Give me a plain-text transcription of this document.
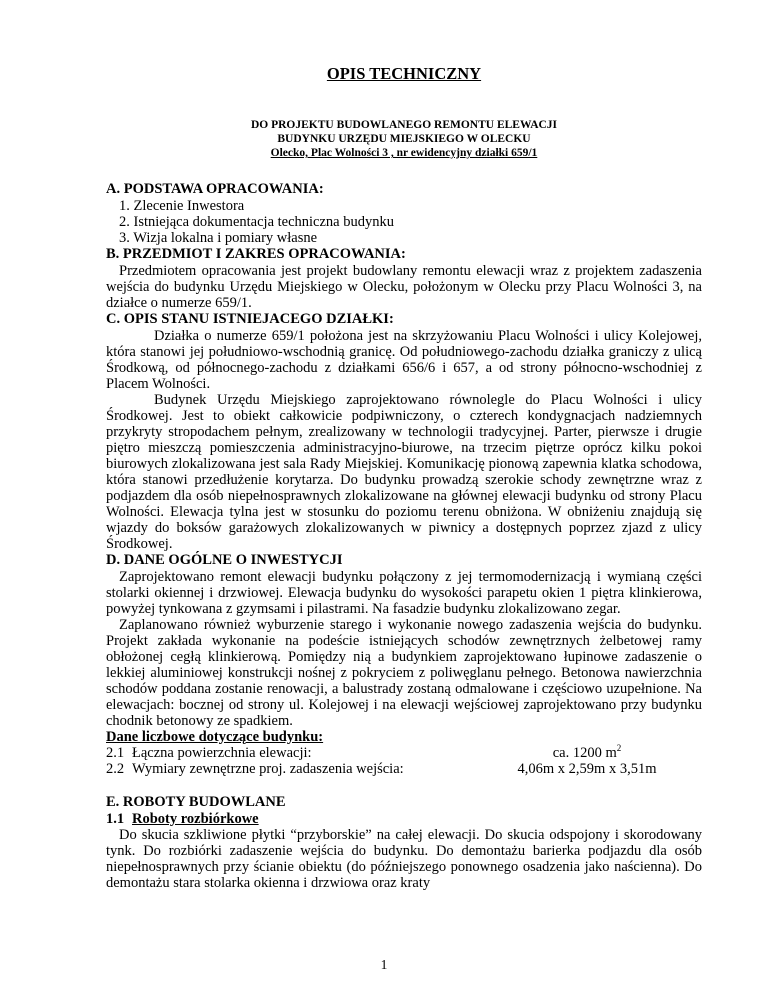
OPIS TECHNICZNY
DO PROJEKTU BUDOWLANEGO REMONTU ELEWACJI
BUDYNKU URZĘDU MIEJSKIEGO W OLECKU
Olecko, Plac Wolności 3 , nr ewidencyjny działki 659/1
A. PODSTAWA OPRACOWANIA:
1. Zlecenie Inwestora
2. Istniejąca dokumentacja techniczna budynku
3. Wizja lokalna i pomiary własne
B. PRZEDMIOT I ZAKRES OPRACOWANIA:

Przedmiotem opracowania jest projekt budowlany remontu elewacji wraz z projektem zadaszenia wejścia do budynku Urzędu Miejskiego w Olecku, położonym w Olecku przy Placu Wolności 3, na działce o numerze 659/1.

C. OPIS STANU ISTNIEJACEGO DZIAŁKI:

Działka o numerze 659/1 położona jest na skrzyżowaniu Placu Wolności i ulicy Kolejowej, która stanowi jej południowo-wschodnią granicę. Od południowego-zachodu działka graniczy z ulicą Środkową, od północnego-zachodu z działkami 656/6 i 657, a od strony północno-wschodniej z Placem Wolności.

Budynek Urzędu Miejskiego zaprojektowano równolegle do Placu Wolności i ulicy Środkowej. Jest to obiekt całkowicie podpiwniczony, o czterech kondygnacjach nadziemnych przykryty stropodachem pełnym, zrealizowany w technologii tradycyjnej. Parter, pierwsze i drugie piętro mieszczą pomieszczenia administracyjno-biurowe, na trzecim piętrze oprócz kilku pokoi biurowych zlokalizowana jest sala Rady Miejskiej. Komunikację pionową zapewnia klatka schodowa, która stanowi przedłużenie korytarza. Do budynku prowadzą szerokie schody zewnętrzne wraz z podjazdem dla osób niepełnosprawnych zlokalizowane na głównej elewacji budynku od strony Placu Wolności. Elewacja tylna jest w stosunku do poziomu terenu obniżona. W obniżeniu znajdują się wjazdy do boksów garażowych zlokalizowanych w piwnicy a dostępnych poprzez zjazd z ulicy Środkowej.

D. DANE OGÓLNE O INWESTYCJI

Zaprojektowano remont elewacji budynku połączony z jej termomodernizacją i wymianą części stolarki okiennej i drzwiowej. Elewacja budynku do wysokości parapetu okien 1 piętra klinkierowa, powyżej tynkowana z gzymsami i pilastrami. Na fasadzie budynku zlokalizowano zegar.

Zaplanowano również wyburzenie starego i wykonanie nowego zadaszenia wejścia do budynku. Projekt zakłada wykonanie na podeście istniejących schodów zewnętrznych żelbetowej ramy obłożonej cegłą klinkierową. Pomiędzy nią a budynkiem zaprojektowano łupinowe zadaszenie o lekkiej aluminiowej konstrukcji nośnej z pokryciem z poliwęglanu pełnego. Betonowa nawierzchnia schodów poddana zostanie renowacji, a balustrady zostaną odmalowane i częściowo uzupełnione. Na elewacjach: bocznej od strony ul. Kolejowej i na elewacji wejściowej zaprojektowano przy budynku chodnik betonowy ze spadkiem.

Dane liczbowe dotyczące budynku:
2.1 Łączna powierzchnia elewacji:	ca. 1200 $m^2$
2.2 Wymiary zewnętrzne proj. zadaszenia wejścia:	4,06m x 2,59m x 3,51m
E. ROBOTY BUDOWLANE
1.1 Roboty rozbiórkowe

Do skucia szkliwione płytki “przyborskie” na całej elewacji. Do skucia odspojony i skorodowany tynk. Do rozbiórki zadaszenie wejścia do budynku. Do demontażu barierka podjazdu dla osób niepełnosprawnych przy ścianie obiektu (do późniejszego ponownego osadzenia jako naścienna). Do demontażu stara stolarka okienna i drzwiowa oraz kraty

1
